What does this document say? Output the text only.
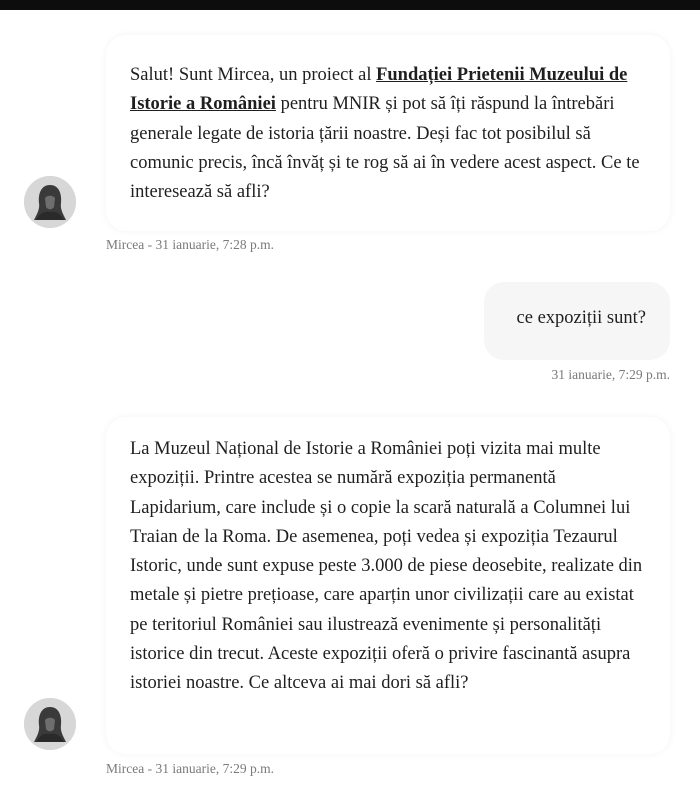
Salut! Sunt Mircea, un proiect al Fundației Prietenii Muzeului de Istorie a României pentru MNIR și pot să îți răspund la întrebări generale legate de istoria țării noastre. Deși fac tot posibilul să comunic precis, încă învăț și te rog să ai în vedere acest aspect. Ce te interesează să afli?
Mircea - 31 ianuarie, 7:28 p.m.
ce expoziții sunt?
31 ianuarie, 7:29 p.m.
La Muzeul Național de Istorie a României poți vizita mai multe expoziții. Printre acestea se numără expoziția permanentă Lapidarium, care include și o copie la scară naturală a Columnei lui Traian de la Roma. De asemenea, poți vedea și expoziția Tezaurul Istoric, unde sunt expuse peste 3.000 de piese deosebite, realizate din metale și pietre prețioase, care aparțin unor civilizații care au existat pe teritoriul României sau ilustrează evenimente și personalități istorice din trecut. Aceste expoziții oferă o privire fascinantă asupra istoriei noastre. Ce altceva ai mai dori să afli?
Mircea - 31 ianuarie, 7:29 p.m.
